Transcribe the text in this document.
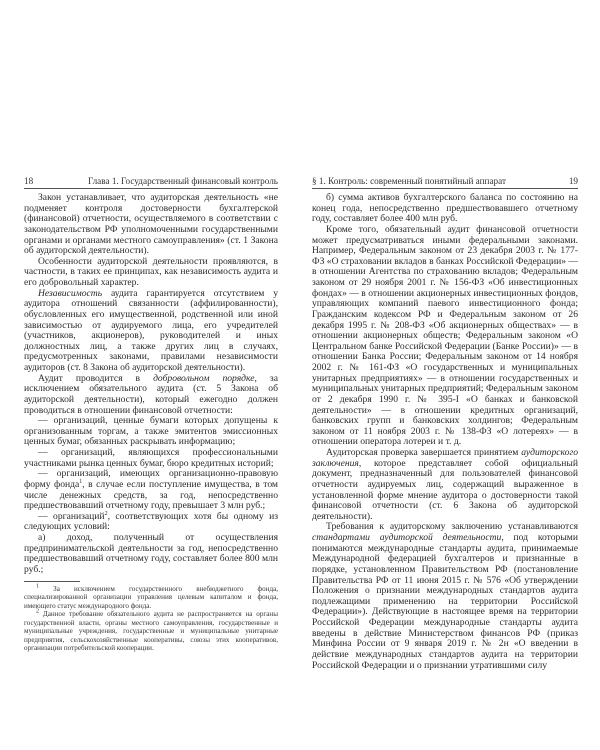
18	Глава 1. Государственный финансовый контроль

Закон устанавливает, что аудиторская деятельность «не подменяет контроля достоверности бухгалтерской (финансовой) отчетности, осуществляемого в соответствии с законодательством РФ уполномоченными государственными органами и органами местного самоуправления» (ст. 1 Закона об аудиторской деятельности).

Особенности аудиторской деятельности проявляются, в частности, в таких ее принципах, как независимость аудита и его добровольный характер.

Независимость аудита гарантируется отсутствием у аудитора отношений связанности (аффилированности), обусловленных его имущественной, родственной или иной зависимостью от аудируемого лица, его учредителей (участников, акционеров), руководителей и иных должностных лиц, а также других лиц в случаях, предусмотренных законами, правилами независимости аудиторов (ст. 8 Закона об аудиторской деятельности).

Аудит проводится в добровольном порядке, за исключением обязательного аудита (ст. 5 Закона об аудиторской деятельности), который ежегодно должен проводиться в отношении финансовой отчетности:

— организаций, ценные бумаги которых допущены к организованным торгам, а также эмитентов эмиссионных ценных бумаг, обязанных раскрывать информацию;

— организаций, являющихся профессиональными участниками рынка ценных бумаг, бюро кредитных историй;

— организаций, имеющих организационно-правовую форму фонда$^1$, в случае если поступление имущества, в том числе денежных средств, за год, непосредственно предшествовавший отчетному году, превышает 3 млн руб.;

— организаций$^2$, соответствующих хотя бы одному из следующих условий:

а) доход, полученный от осуществления предпринимательской деятельности за год, непосредственно предшествовавший отчетному году, составляет более 800 млн руб.;

$^1$ За исключением государственного внебюджетного фонда, специализированной организации управления целевым капиталом и фонда, имеющего статус международного фонда.

$^2$ Данное требование обязательного аудита не распространяется на органы государственной власти, органы местного самоуправления, государственные и муниципальные учреждения, государственные и муниципальные унитарные предприятия, сельскохозяйственные кооперативы, союзы этих кооперативов, организации потребительской кооперации.

§ 1. Контроль: современный понятийный аппарат	19

б) сумма активов бухгалтерского баланса по состоянию на конец года, непосредственно предшествовавшего отчетному году, составляет более 400 млн руб.

Кроме того, обязательный аудит финансовой отчетности может предусматриваться иными федеральными законами. Например, Федеральным законом от 23 декабря 2003 г. № 177-ФЗ «О страховании вкладов в банках Российской Федерации» — в отношении Агентства по страхованию вкладов; Федеральным законом от 29 ноября 2001 г. № 156-ФЗ «Об инвестиционных фондах» — в отношении акционерных инвестиционных фондов, управляющих компаний паевого инвестиционного фонда; Гражданским кодексом РФ и Федеральным законом от 26 декабря 1995 г. № 208-ФЗ «Об акционерных обществах» — в отношении акционерных обществ; Федеральным законом «О Центральном банке Российской Федерации (Банке России)» — в отношении Банка России; Федеральным законом от 14 ноября 2002 г. № 161-ФЗ «О государственных и муниципальных унитарных предприятиях» — в отношении государственных и муниципальных унитарных предприятий; Федеральным законом от 2 декабря 1990 г. № 395-I «О банках и банковской деятельности» — в отношении кредитных организаций, банковских групп и банковских холдингов; Федеральным законом от 11 ноября 2003 г. № 138-ФЗ «О лотереях» — в отношении оператора лотереи и т. д.

Аудиторская проверка завершается принятием аудиторского заключения, которое представляет собой официальный документ, предназначенный для пользователей финансовой отчетности аудируемых лиц, содержащий выраженное в установленной форме мнение аудитора о достоверности такой финансовой отчетности (ст. 6 Закона об аудиторской деятельности).

Требования к аудиторскому заключению устанавливаются стандартами аудиторской деятельности, под которыми понимаются международные стандарты аудита, принимаемые Международной федерацией бухгалтеров и признанные в порядке, установленном Правительством РФ (постановление Правительства РФ от 11 июня 2015 г. № 576 «Об утверждении Положения о признании международных стандартов аудита подлежащими применению на территории Российской Федерации»). Действующие в настоящее время на территории Российской Федерации международные стандарты аудита введены в действие Министерством финансов РФ (приказ Минфина России от 9 января 2019 г. № 2н «О введении в действие международных стандартов аудита на территории Российской Федерации и о признании утратившими силу
